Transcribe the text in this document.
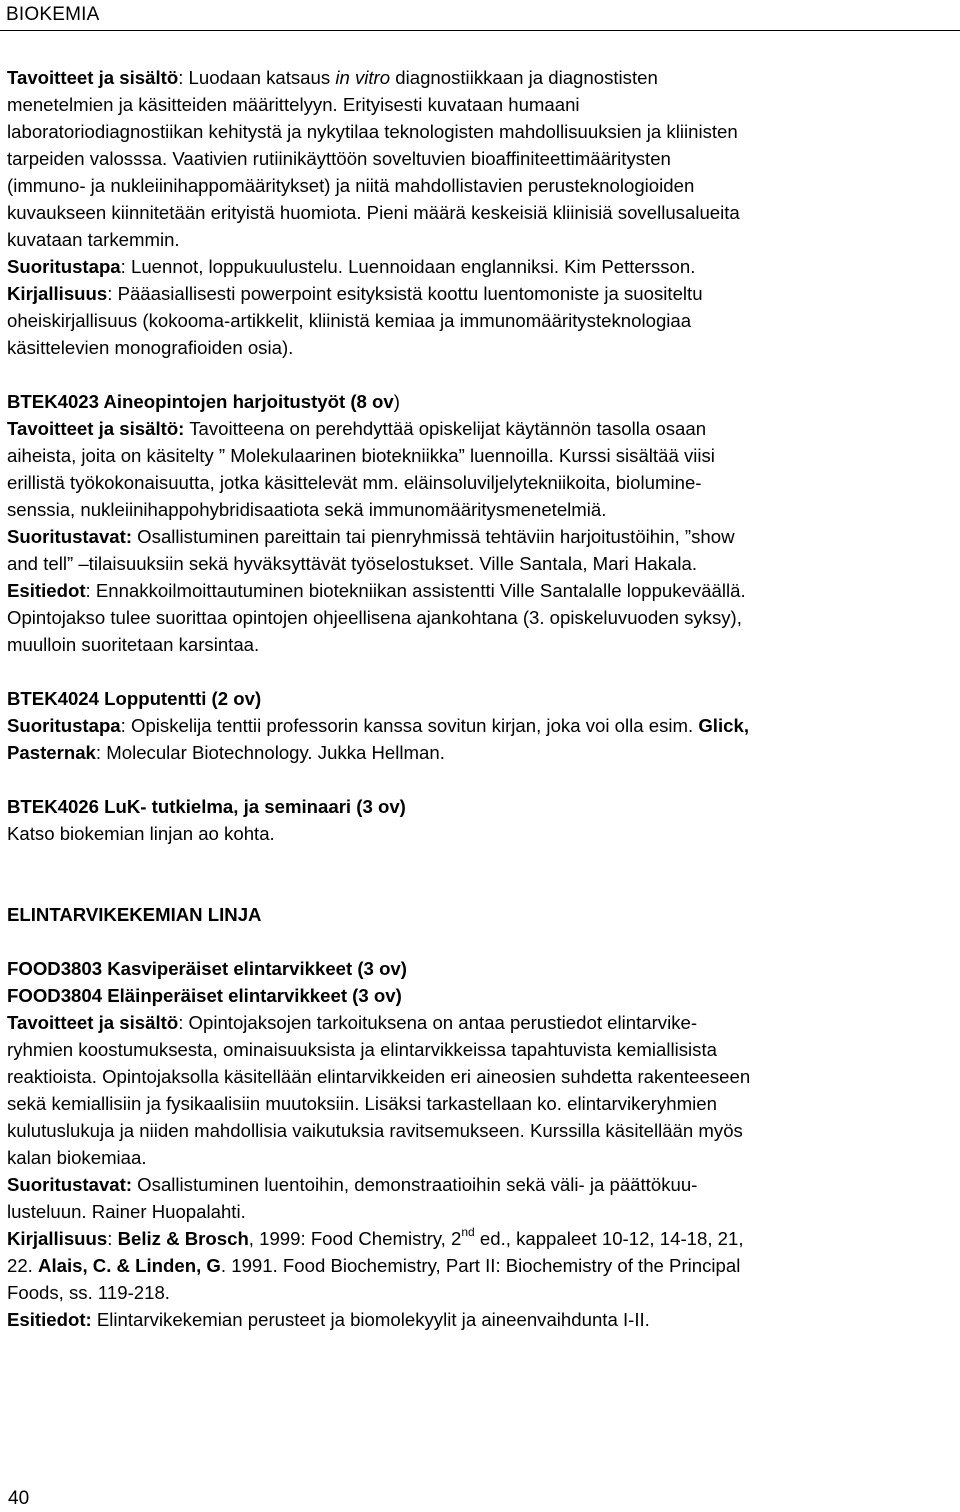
BIOKEMIA
Tavoitteet ja sisältö: Luodaan katsaus in vitro diagnostiikkaan ja diagnostisten
menetelmien ja käsitteiden määrittelyyn. Erityisesti kuvataan humaani
laboratoriodiagnostiikan kehitystä ja nykytilaa teknologisten mahdollisuuksien ja kliinisten
tarpeiden valosssa. Vaativien rutiinikäyttöön soveltuvien bioaffiniteettimääritysten
(immuno- ja nukleiinihappomääritykset) ja niitä mahdollistavien perusteknologioiden
kuvaukseen kiinnitetään erityistä huomiota. Pieni määrä keskeisiä kliinisiä sovellusalueita
kuvataan tarkemmin.
Suoritustapa: Luennot, loppukuulustelu. Luennoidaan englanniksi. Kim Pettersson.
Kirjallisuus: Pääasiallisesti powerpoint esityksistä koottu luentomoniste ja suositeltu
oheiskirjallisuus (kokooma-artikkelit, kliinistä kemiaa ja immunomääritysteknologiaa
käsittelevien monografioiden osia).
BTEK4023 Aineopintojen harjoitustyöt (8 ov)
Tavoitteet ja sisältö: Tavoitteena on perehdyttää opiskelijat käytännön tasolla osaan
aiheista, joita on käsitelty ” Molekulaarinen biotekniikka” luennoilla. Kurssi sisältää viisi
erillistä työkokonaisuutta, jotka käsittelevät mm. eläinsoluviljelytekniikoita, biolumine-
senssia, nukleiinihappohybridisaatiota sekä immunomääritysmenetelmiä.
Suoritustavat: Osallistuminen pareittain tai pienryhmissä tehtäviin harjoitustöihin, ”show
and tell” –tilaisuuksiin sekä hyväksyttävät työselostukset. Ville Santala, Mari Hakala.
Esitiedot: Ennakkoilmoittautuminen biotekniikan assistentti Ville Santalalle loppukeväällä.
Opintojakso tulee suorittaa opintojen ohjeellisena ajankohtana (3. opiskeluvuoden syksy),
muulloin suoritetaan karsintaa.
BTEK4024 Lopputentti (2 ov)
Suoritustapa: Opiskelija tenttii professorin kanssa sovitun kirjan, joka voi olla esim. Glick,
Pasternak: Molecular Biotechnology. Jukka Hellman.
BTEK4026 LuK- tutkielma, ja seminaari (3 ov)
Katso biokemian linjan ao kohta.
ELINTARVIKEKEMIAN LINJA
FOOD3803 Kasviperäiset elintarvikkeet (3 ov)
FOOD3804 Eläinperäiset elintarvikkeet (3 ov)
Tavoitteet ja sisältö: Opintojaksojen tarkoituksena on antaa perustiedot elintarvike-
ryhmien koostumuksesta, ominaisuuksista ja elintarvikkeissa tapahtuvista kemiallisista
reaktioista. Opintojaksolla käsitellään elintarvikkeiden eri aineosien suhdetta rakenteeseen
sekä kemiallisiin ja fysikaalisiin muutoksiin. Lisäksi tarkastellaan ko. elintarvikeryhmien
kulutuslukuja ja niiden mahdollisia vaikutuksia ravitsemukseen. Kurssilla käsitellään myös
kalan biokemiaa.
Suoritustavat: Osallistuminen luentoihin, demonstraatioihin sekä väli- ja päättökuu-
lusteluun. Rainer Huopalahti.
Kirjallisuus: Beliz & Brosch, 1999: Food Chemistry, 2nd ed., kappaleet 10-12, 14-18, 21,
22. Alais, C. & Linden, G. 1991. Food Biochemistry, Part II: Biochemistry of the Principal
Foods, ss. 119-218.
Esitiedot: Elintarvikekemian perusteet ja biomolekyylit ja aineenvaihdunta I-II.
40
